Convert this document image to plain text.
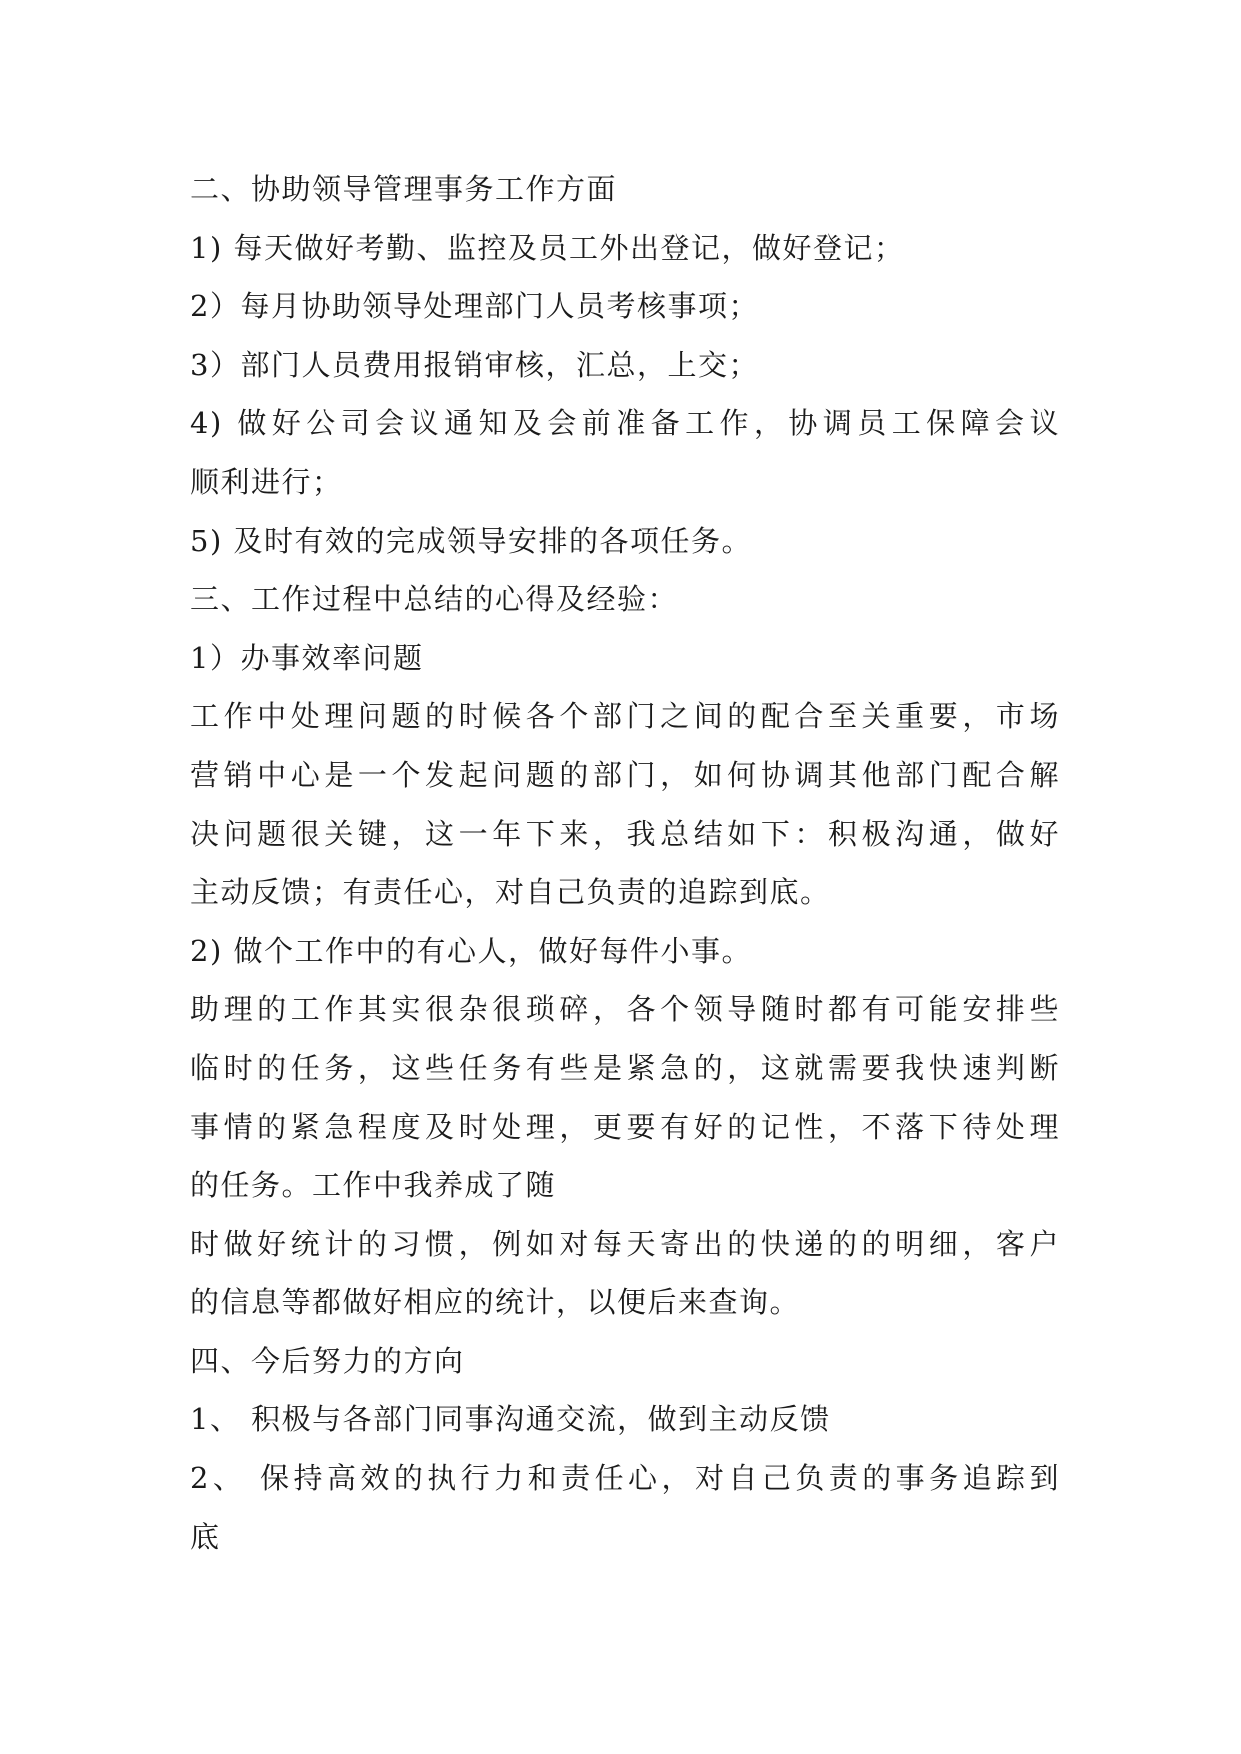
二、协助领导管理事务工作方面
1) 每天做好考勤、监控及员工外出登记，做好登记；
2）每月协助领导处理部门人员考核事项；
3）部门人员费用报销审核，汇总，上交；
4) 做好公司会议通知及会前准备工作，协调员工保障会议
顺利进行；
5) 及时有效的完成领导安排的各项任务。
三、工作过程中总结的心得及经验：
1）办事效率问题
工作中处理问题的时候各个部门之间的配合至关重要，市场
营销中心是一个发起问题的部门，如何协调其他部门配合解
决问题很关键，这一年下来，我总结如下：积极沟通，做好
主动反馈；有责任心，对自己负责的追踪到底。
2) 做个工作中的有心人，做好每件小事。
助理的工作其实很杂很琐碎，各个领导随时都有可能安排些
临时的任务，这些任务有些是紧急的，这就需要我快速判断
事情的紧急程度及时处理，更要有好的记性，不落下待处理
的任务。工作中我养成了随
时做好统计的习惯，例如对每天寄出的快递的的明细，客户
的信息等都做好相应的统计，以便后来查询。
四、今后努力的方向
1、 积极与各部门同事沟通交流，做到主动反馈
2、 保持高效的执行力和责任心，对自己负责的事务追踪到
底
